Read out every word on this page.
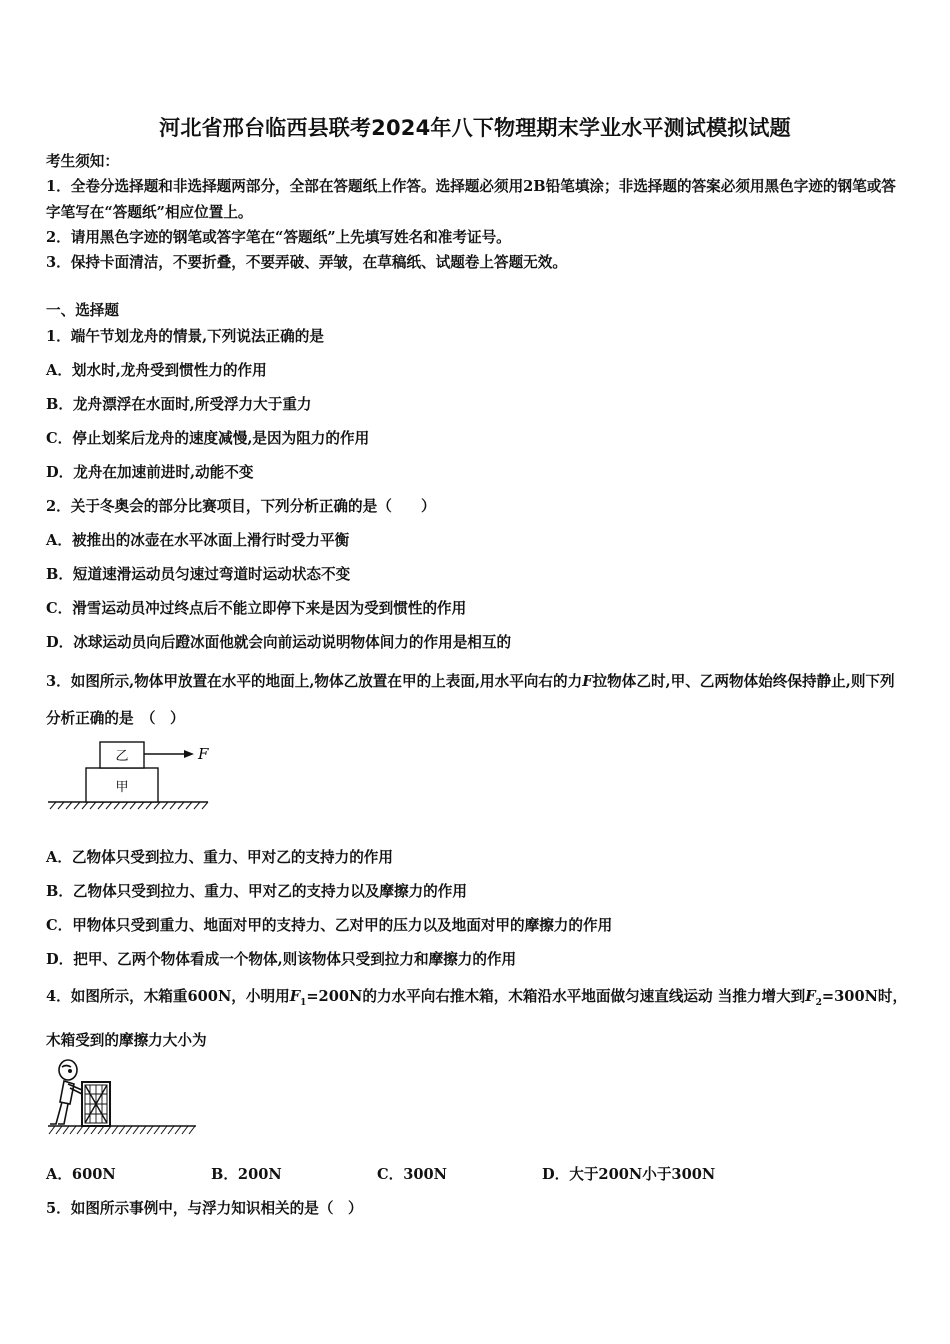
河北省邢台临西县联考2024年八下物理期末学业水平测试模拟试题
考生须知：
1．全卷分选择题和非选择题两部分，全部在答题纸上作答。选择题必须用2B铅笔填涂；非选择题的答案必须用黑色字迹的钢笔或答字笔写在“答题纸”相应位置上。
2．请用黑色字迹的钢笔或答字笔在“答题纸”上先填写姓名和准考证号。
3．保持卡面清洁，不要折叠，不要弄破、弄皱，在草稿纸、试题卷上答题无效。
一、选择题
1．端午节划龙舟的情景,下列说法正确的是
A．划水时,龙舟受到惯性力的作用
B．龙舟漂浮在水面时,所受浮力大于重力
C．停止划桨后龙舟的速度减慢,是因为阻力的作用
D．龙舟在加速前进时,动能不变
2．关于冬奥会的部分比赛项目，下列分析正确的是（　　）
A．被推出的冰壶在水平冰面上滑行时受力平衡
B．短道速滑运动员匀速过弯道时运动状态不变
C．滑雪运动员冲过终点后不能立即停下来是因为受到惯性的作用
D．冰球运动员向后蹬冰面他就会向前运动说明物体间力的作用是相互的
3．如图所示,物体甲放置在水平的地面上,物体乙放置在甲的上表面,用水平向右的力F拉物体乙时,甲、乙两物体始终保持静止,则下列分析正确的是　（　）
甲
乙	F
A．乙物体只受到拉力、重力、甲对乙的支持力的作用
B．乙物体只受到拉力、重力、甲对乙的支持力以及摩擦力的作用
C．甲物体只受到重力、地面对甲的支持力、乙对甲的压力以及地面对甲的摩擦力的作用
D．把甲、乙两个物体看成一个物体,则该物体只受到拉力和摩擦力的作用
4．如图所示，木箱重600N，小明用$F_1=200N$的力水平向右推木箱，木箱沿水平地面做匀速直线运动 当推力增大到$F_2=300N$时，木箱受到的摩擦力大小为
A．600N	B．200N	C．300N	D．大于200N小于300N
5．如图所示事例中，与浮力知识相关的是（　）
